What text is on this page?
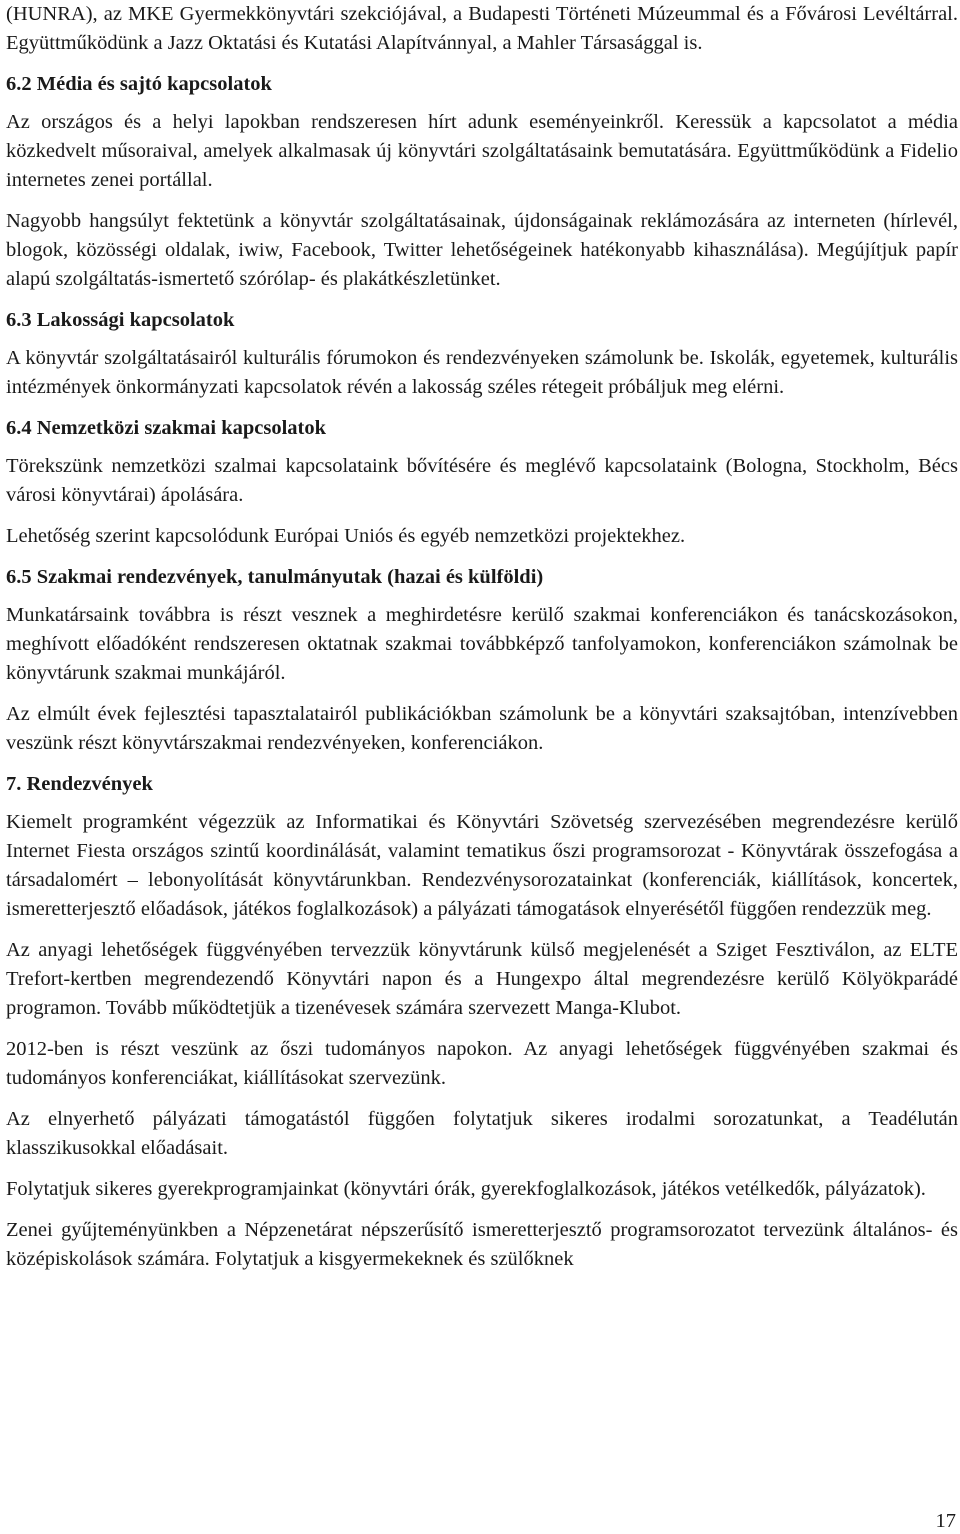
(HUNRA), az MKE Gyermekkönyvtári szekciójával, a Budapesti Történeti Múzeummal és a Fővárosi Levéltárral. Együttműködünk a Jazz Oktatási és Kutatási Alapítvánnyal, a Mahler Társasággal is.

6.2 Média és sajtó kapcsolatok

Az országos és a helyi lapokban rendszeresen hírt adunk eseményeinkről. Keressük a kapcsolatot a média közkedvelt műsoraival, amelyek alkalmasak új könyvtári szolgáltatásaink bemutatására. Együttműködünk a Fidelio internetes zenei portállal.

Nagyobb hangsúlyt fektetünk a könyvtár szolgáltatásainak, újdonságainak reklámozására az interneten (hírlevél, blogok, közösségi oldalak, iwiw, Facebook, Twitter lehetőségeinek hatékonyabb kihasználása). Megújítjuk papír alapú szolgáltatás-ismertető szórólap- és plakátkészletünket.

6.3 Lakossági kapcsolatok

A könyvtár szolgáltatásairól kulturális fórumokon és rendezvényeken számolunk be. Iskolák, egyetemek, kulturális intézmények önkormányzati kapcsolatok révén a lakosság széles rétegeit próbáljuk meg elérni.

6.4 Nemzetközi szakmai kapcsolatok

Törekszünk nemzetközi szalmai kapcsolataink bővítésére és meglévő kapcsolataink (Bologna, Stockholm, Bécs városi könyvtárai) ápolására.

Lehetőség szerint kapcsolódunk Európai Uniós és egyéb nemzetközi projektekhez.

6.5 Szakmai rendezvények, tanulmányutak (hazai és külföldi)

Munkatársaink továbbra is részt vesznek a meghirdetésre kerülő szakmai konferenciákon és tanácskozásokon, meghívott előadóként rendszeresen oktatnak szakmai továbbképző tanfolyamokon, konferenciákon számolnak be könyvtárunk szakmai munkájáról.

Az elmúlt évek fejlesztési tapasztalatairól publikációkban számolunk be a könyvtári szaksajtóban, intenzívebben veszünk részt könyvtárszakmai rendezvényeken, konferenciákon.

7. Rendezvények

Kiemelt programként végezzük az Informatikai és Könyvtári Szövetség szervezésében megrendezésre kerülő Internet Fiesta országos szintű koordinálását, valamint tematikus őszi programsorozat - Könyvtárak összefogása a társadalomért – lebonyolítását könyvtárunkban. Rendezvénysorozatainkat (konferenciák, kiállítások, koncertek, ismeretterjesztő előadások, játékos foglalkozások) a pályázati támogatások elnyerésétől függően rendezzük meg.

Az anyagi lehetőségek függvényében tervezzük könyvtárunk külső megjelenését a Sziget Fesztiválon, az ELTE Trefort-kertben megrendezendő Könyvtári napon és a Hungexpo által megrendezésre kerülő Kölyökparádé programon. Tovább működtetjük a tizenévesek számára szervezett Manga-Klubot.

2012-ben is részt veszünk az őszi tudományos napokon. Az anyagi lehetőségek függvényében szakmai és tudományos konferenciákat, kiállításokat szervezünk.

Az elnyerhető pályázati támogatástól függően folytatjuk sikeres irodalmi sorozatunkat, a Teadélután klasszikusokkal előadásait.

Folytatjuk sikeres gyerekprogramjainkat (könyvtári órák, gyerekfoglalkozások, játékos vetélkedők, pályázatok).

Zenei gyűjteményünkben a Népzenetárat népszerűsítő ismeretterjesztő programsorozatot tervezünk általános- és középiskolások számára. Folytatjuk a kisgyermekeknek és szülőknek

17
